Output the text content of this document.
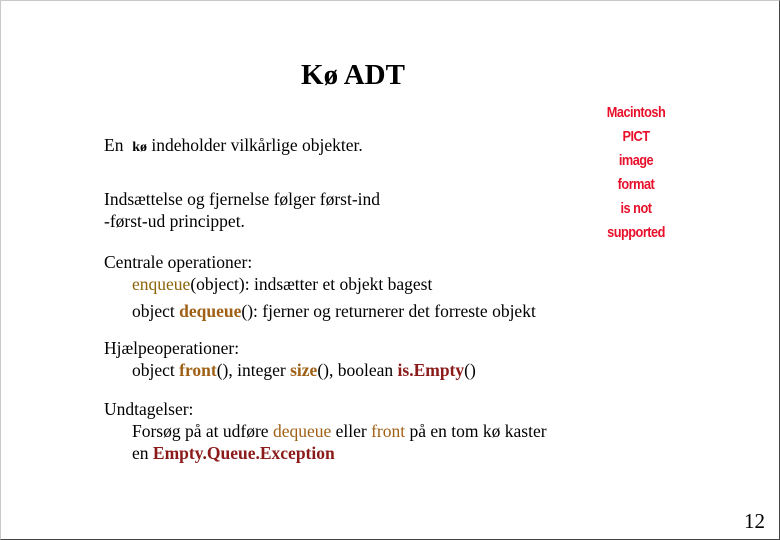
Kø ADT
En  kø indeholder vilkårlige objekter.
Indsættelse og fjernelse følger først-ind
-først-ud princippet.
Centrale operationer:
enqueue(object): indsætter et objekt bagest
object dequeue(): fjerner og returnerer det forreste objekt
Hjælpeoperationer:
object front(), integer size(), boolean is.Empty()
Undtagelser:
Forsøg på at udføre dequeue eller front på en tom kø kaster
en Empty.Queue.Exception
Macintosh PICT
image format
is not supported
12
